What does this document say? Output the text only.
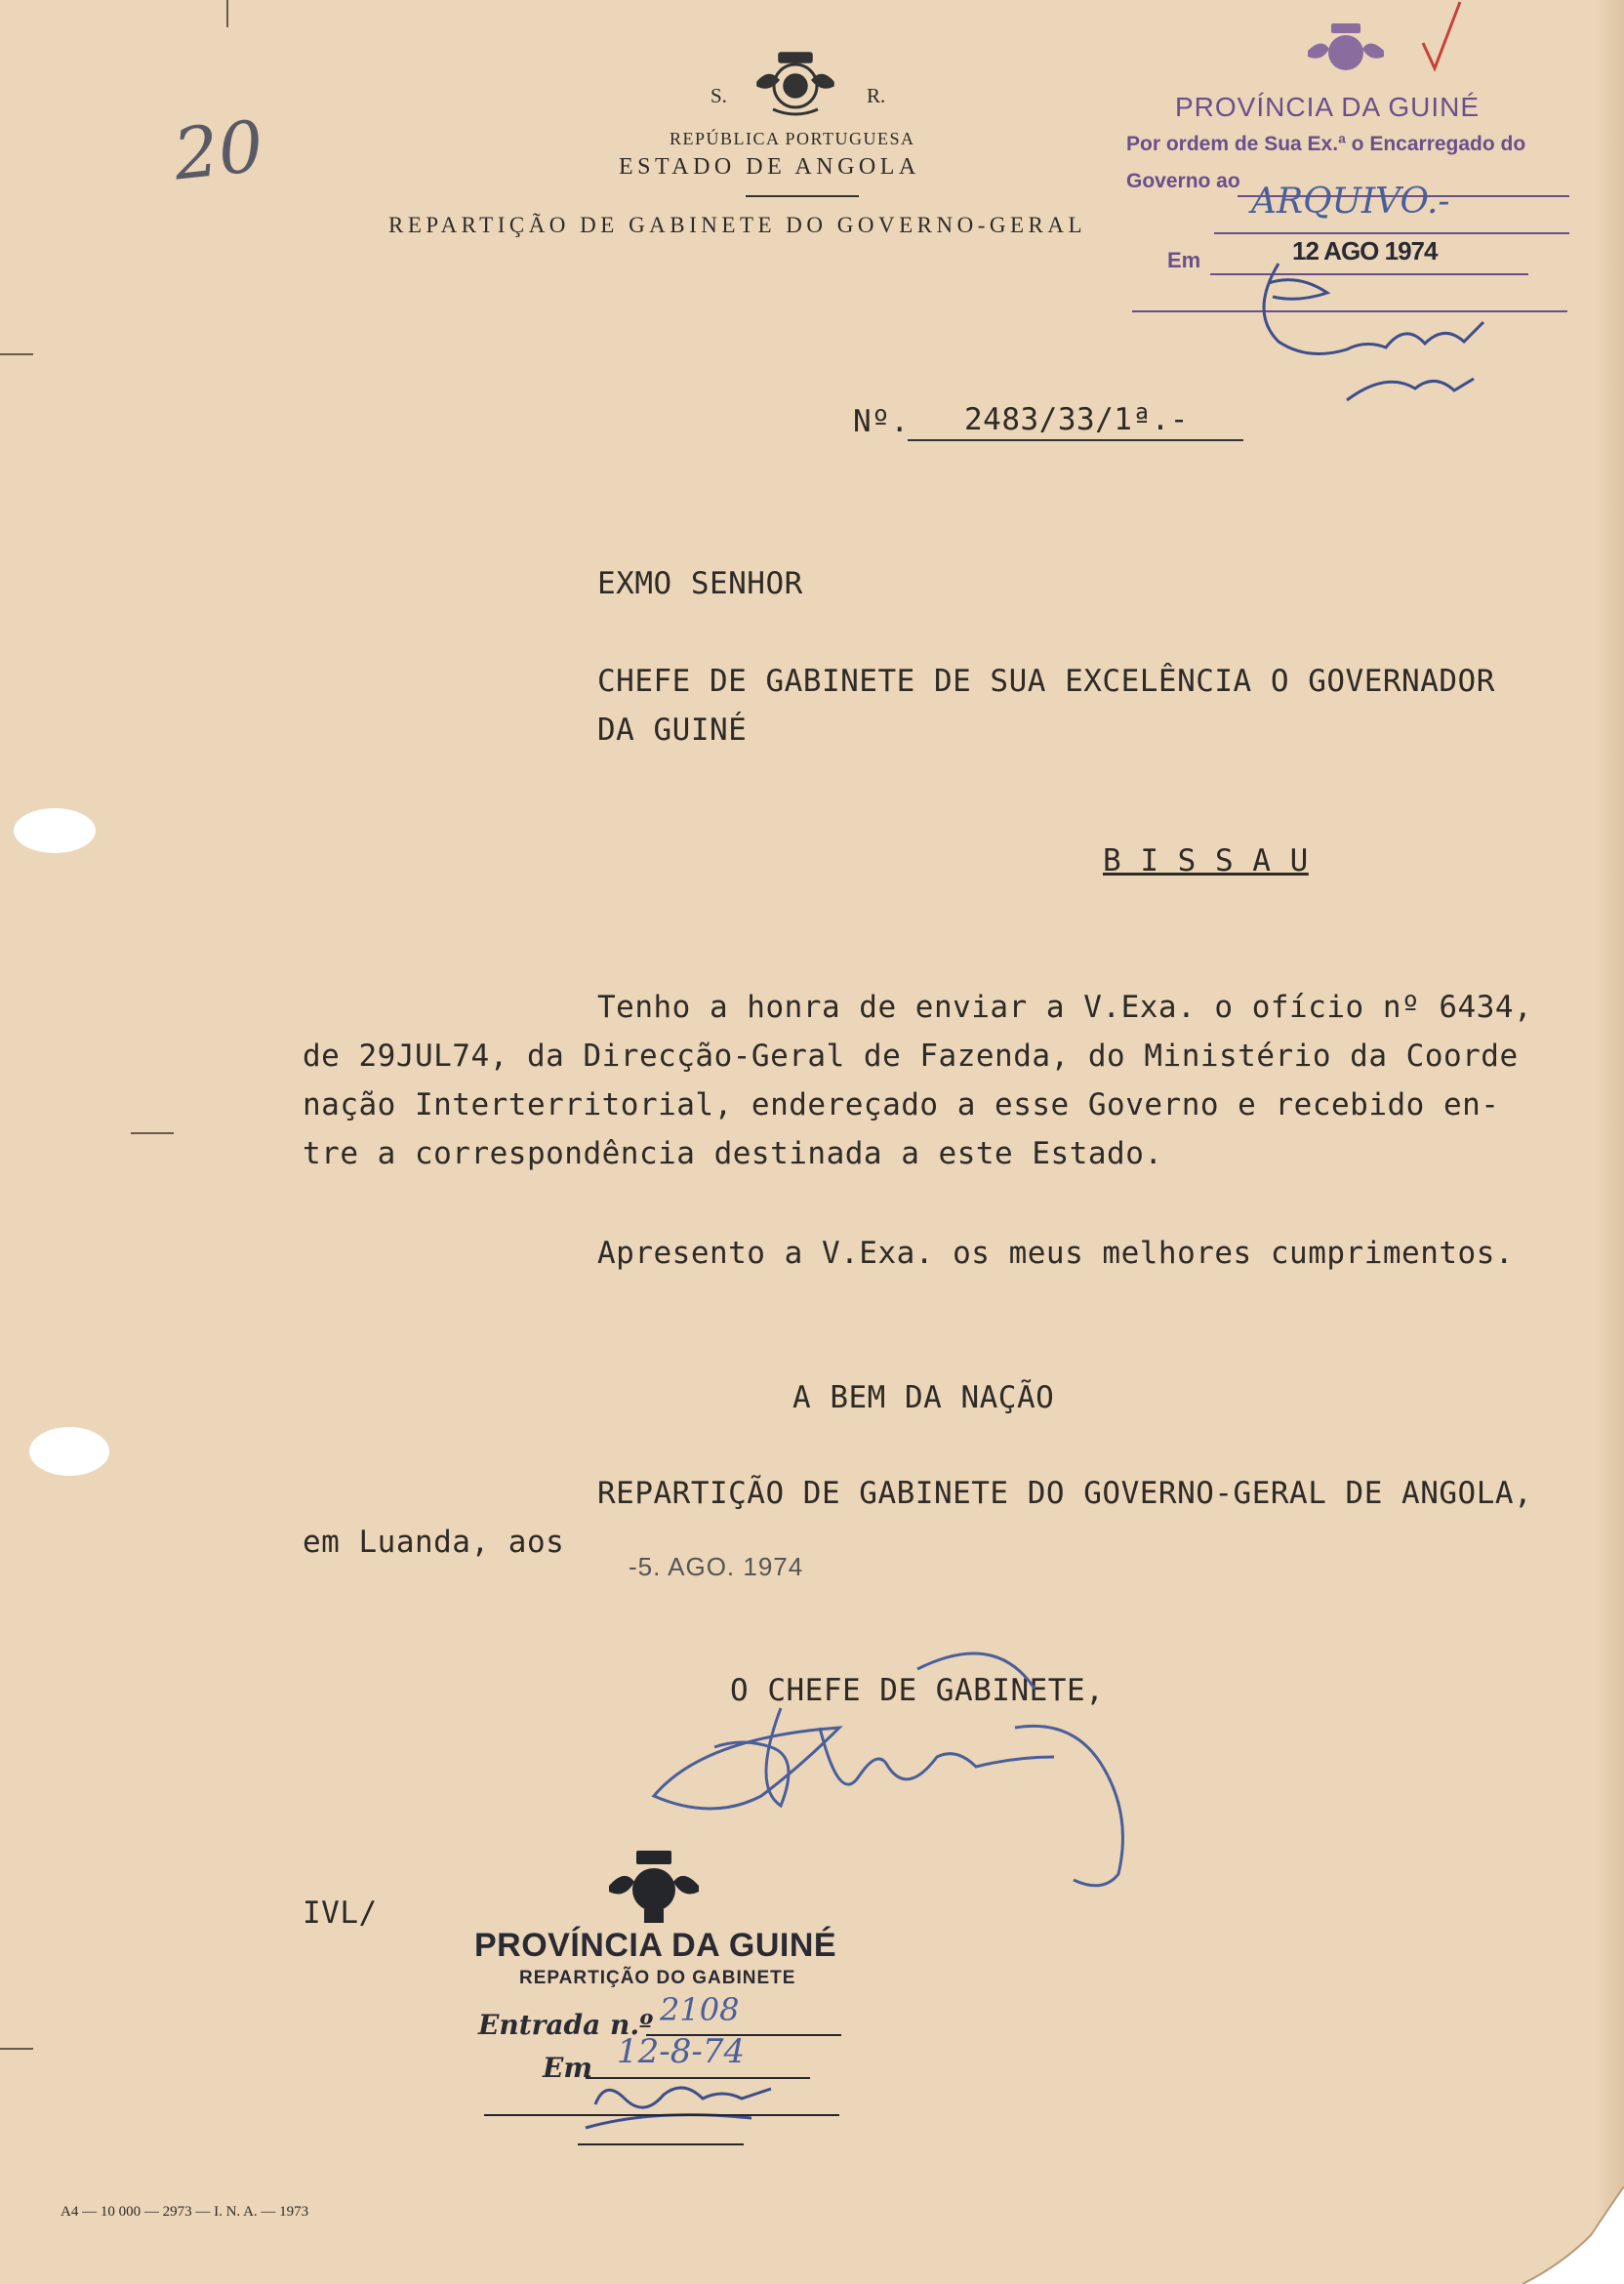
20
S.	R.
REPÚBLICA PORTUGUESA
ESTADO DE ANGOLA
REPARTIÇÃO DE GABINETE DO GOVERNO-GERAL
PROVÍNCIA DA GUINÉ
Por ordem de Sua Ex.ª o Encarregado do
Governo ao
ARQUIVO.-
Em	12 AGO 1974
Nº. 2483/33/1ª.-
EXMO SENHOR
CHEFE DE GABINETE DE SUA EXCELÊNCIA O GOVERNADOR
DA GUINÉ
B I S S A U
Tenho a honra de enviar a V.Exa. o ofício nº 6434,
de 29JUL74, da Direcção-Geral de Fazenda, do Ministério da Coorde
nação Interterritorial, endereçado a esse Governo e recebido en-
tre a correspondência destinada a este Estado.
Apresento a V.Exa. os meus melhores cumprimentos.
A BEM DA NAÇÃO
REPARTIÇÃO DE GABINETE DO GOVERNO-GERAL DE ANGOLA,
em Luanda, aos
-5. AGO. 1974
O CHEFE DE GABINETE,
IVL/
PROVÍNCIA DA GUINÉ
REPARTIÇÃO DO GABINETE
Entrada n.º 2108
Em 12-8-74
A4 — 10 000 — 2973 — I. N. A. — 1973
